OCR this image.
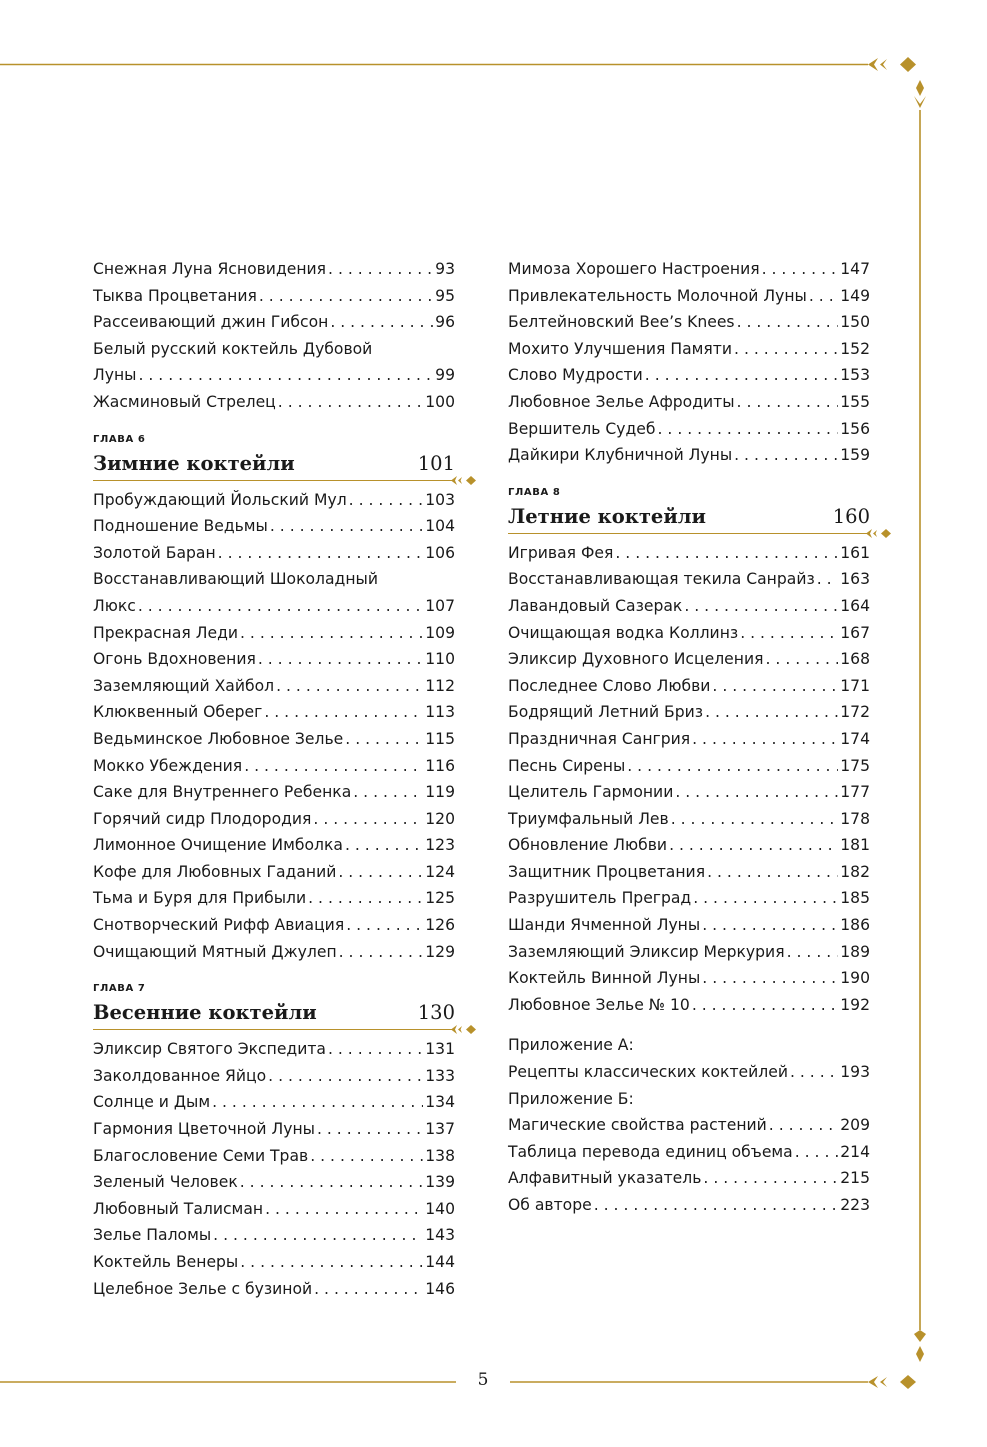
Снежная Луна Ясновидения . . .	93
Тыква Процветания . . .	95
Рассеивающий джин Гибсон . . .	96
Белый русский коктейль Дубовой
Луны . . .	99
Жасминовый Стрелец . . .	100
ГЛАВА 6
Зимние коктейли	101
Пробуждающий Йольский Мул . . .	103
Подношение Ведьмы . . .	104
Золотой Баран . . .	106
Восстанавливающий Шоколадный
Люкс . . .	107
Прекрасная Леди . . .	109
Огонь Вдохновения . . .	110
Заземляющий Хайбол . . .	112
Клюквенный Оберег . . .	113
Ведьминское Любовное Зелье . . .	115
Мокко Убеждения . . .	116
Саке для Внутреннего Ребенка . . .	119
Горячий сидр Плодородия . . .	120
Лимонное Очищение Имболка . . .	123
Кофе для Любовных Гаданий . . .	124
Тьма и Буря для Прибыли . . .	125
Снотворческий Рифф Авиация . . .	126
Очищающий Мятный Джулеп . . .	129
ГЛАВА 7
Весенние коктейли	130
Эликсир Святого Экспедита . . .	131
Заколдованное Яйцо . . .	133
Солнце и Дым . . .	134
Гармония Цветочной Луны . . .	137
Благословение Семи Трав . . .	138
Зеленый Человек . . .	139
Любовный Талисман . . .	140
Зелье Паломы . . .	143
Коктейль Венеры . . .	144
Целебное Зелье с бузиной . . .	146
Мимоза Хорошего Настроения . . .	147
Привлекательность Молочной Луны . . . 149
Белтейновский Bee’s Knees . . .	150
Мохито Улучшения Памяти . . .	152
Слово Мудрости . . .	153
Любовное Зелье Афродиты . . .	155
Вершитель Судеб . . .	156
Дайкири Клубничной Луны . . .	159
ГЛАВА 8
Летние коктейли	160
Игривая Фея . . .	161
Восстанавливающая текила Санрайз . . . 163
Лавандовый Сазерак . . .	164
Очищающая водка Коллинз . . .	167
Эликсир Духовного Исцеления . . .	168
Последнее Слово Любви . . .	171
Бодрящий Летний Бриз . . .	172
Праздничная Сангрия . . .	174
Песнь Сирены . . .	175
Целитель Гармонии . . .	177
Триумфальный Лев . . .	178
Обновление Любви . . .	181
Защитник Процветания . . .	182
Разрушитель Преград . . .	185
Шанди Ячменной Луны . . .	186
Заземляющий Эликсир Меркурия . . .	189
Коктейль Винной Луны . . .	190
Любовное Зелье № 10 . . .	192
Приложение А:
Рецепты классических коктейлей . . .	193
Приложение Б:
Магические свойства растений . . .	209
Таблица перевода единиц объема . . .	214
Алфавитный указатель . . .	215
Об авторе . . .	223
5
